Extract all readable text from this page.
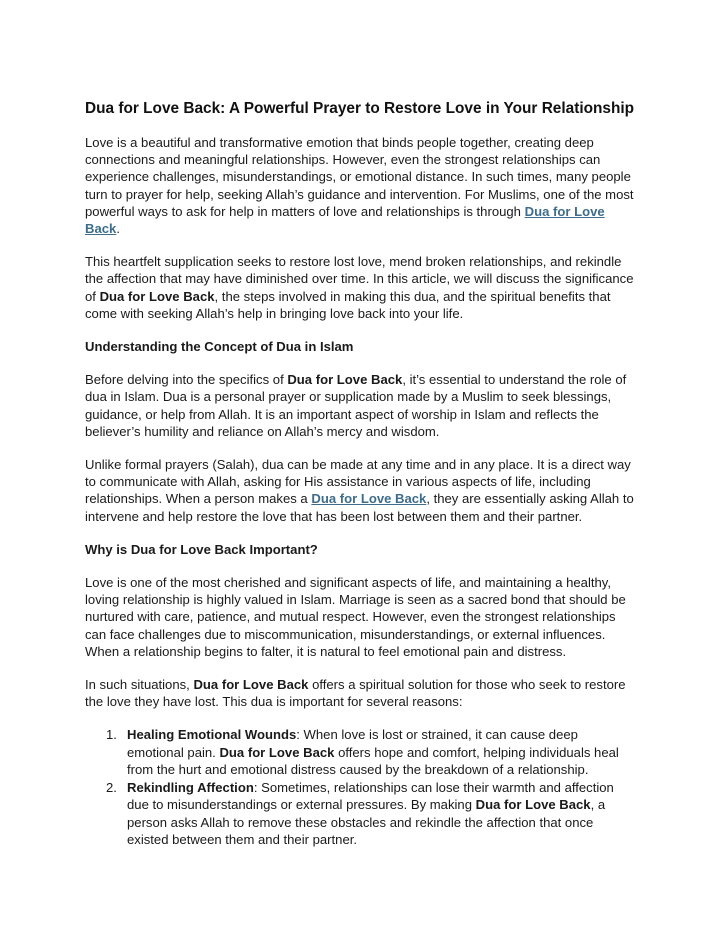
Dua for Love Back: A Powerful Prayer to Restore Love in Your Relationship

Love is a beautiful and transformative emotion that binds people together, creating deep connections and meaningful relationships. However, even the strongest relationships can experience challenges, misunderstandings, or emotional distance. In such times, many people turn to prayer for help, seeking Allah’s guidance and intervention. For Muslims, one of the most powerful ways to ask for help in matters of love and relationships is through Dua for Love Back.

This heartfelt supplication seeks to restore lost love, mend broken relationships, and rekindle the affection that may have diminished over time. In this article, we will discuss the significance of Dua for Love Back, the steps involved in making this dua, and the spiritual benefits that come with seeking Allah’s help in bringing love back into your life.

Understanding the Concept of Dua in Islam

Before delving into the specifics of Dua for Love Back, it’s essential to understand the role of dua in Islam. Dua is a personal prayer or supplication made by a Muslim to seek blessings, guidance, or help from Allah. It is an important aspect of worship in Islam and reflects the believer’s humility and reliance on Allah’s mercy and wisdom.

Unlike formal prayers (Salah), dua can be made at any time and in any place. It is a direct way to communicate with Allah, asking for His assistance in various aspects of life, including relationships. When a person makes a Dua for Love Back, they are essentially asking Allah to intervene and help restore the love that has been lost between them and their partner.

Why is Dua for Love Back Important?

Love is one of the most cherished and significant aspects of life, and maintaining a healthy, loving relationship is highly valued in Islam. Marriage is seen as a sacred bond that should be nurtured with care, patience, and mutual respect. However, even the strongest relationships can face challenges due to miscommunication, misunderstandings, or external influences. When a relationship begins to falter, it is natural to feel emotional pain and distress.

In such situations, Dua for Love Back offers a spiritual solution for those who seek to restore the love they have lost. This dua is important for several reasons:

1. Healing Emotional Wounds: When love is lost or strained, it can cause deep emotional pain. Dua for Love Back offers hope and comfort, helping individuals heal from the hurt and emotional distress caused by the breakdown of a relationship.
2. Rekindling Affection: Sometimes, relationships can lose their warmth and affection due to misunderstandings or external pressures. By making Dua for Love Back, a person asks Allah to remove these obstacles and rekindle the affection that once existed between them and their partner.
